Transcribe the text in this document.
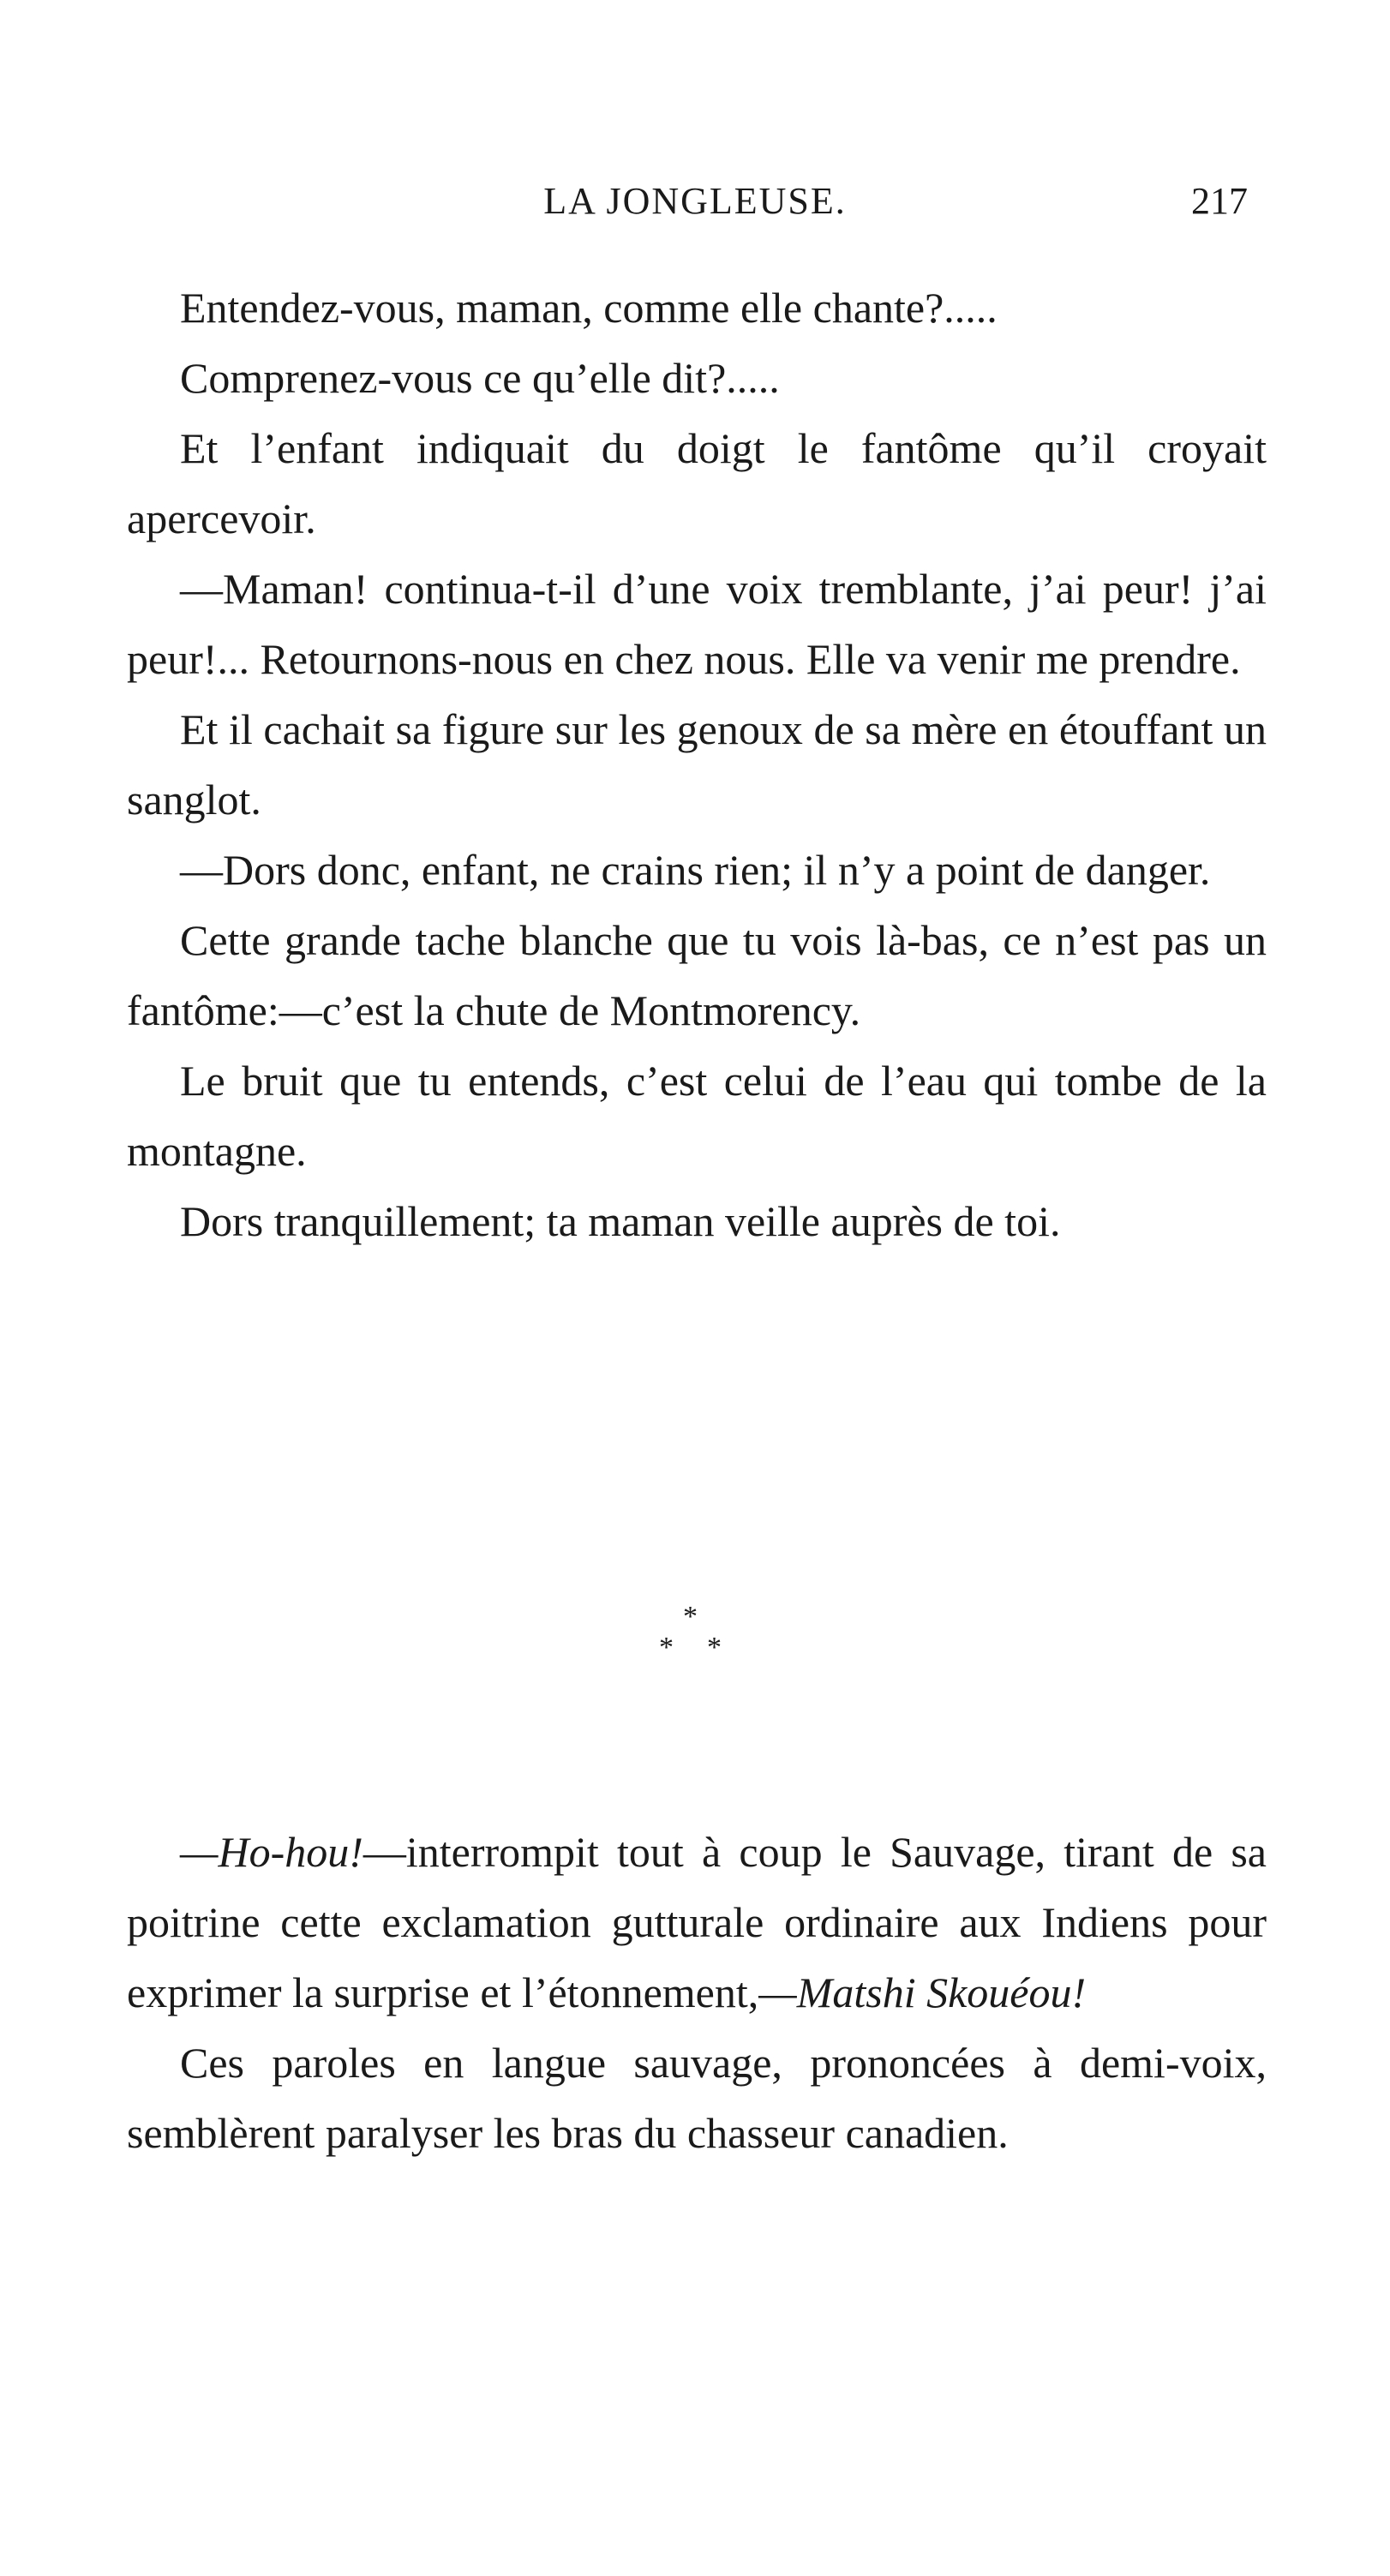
LA JONGLEUSE.	217

Entendez-vous, maman, comme elle chante?.....

Comprenez-vous ce qu’elle dit?.....

Et l’enfant indiquait du doigt le fantôme qu’il croyait apercevoir.

—Maman! continua-t-il d’une voix tremblante, j’ai peur! j’ai peur!... Retournons-nous en chez nous. Elle va venir me prendre.

Et il cachait sa figure sur les genoux de sa mère en étouffant un sanglot.

—Dors donc, enfant, ne crains rien; il n’y a point de danger.

Cette grande tache blanche que tu vois là-bas, ce n’est pas un fantôme:—c’est la chute de Montmorency.

Le bruit que tu entends, c’est celui de l’eau qui tombe de la montagne.

Dors tranquillement; ta maman veille auprès de toi.

*
* *

—Ho-hou!—interrompit tout à coup le Sauvage, tirant de sa poitrine cette exclamation gutturale ordinaire aux Indiens pour exprimer la surprise et l’étonnement,—Matshi Skouéou!

Ces paroles en langue sauvage, prononcées à demi-voix, semblèrent paralyser les bras du chasseur canadien.
